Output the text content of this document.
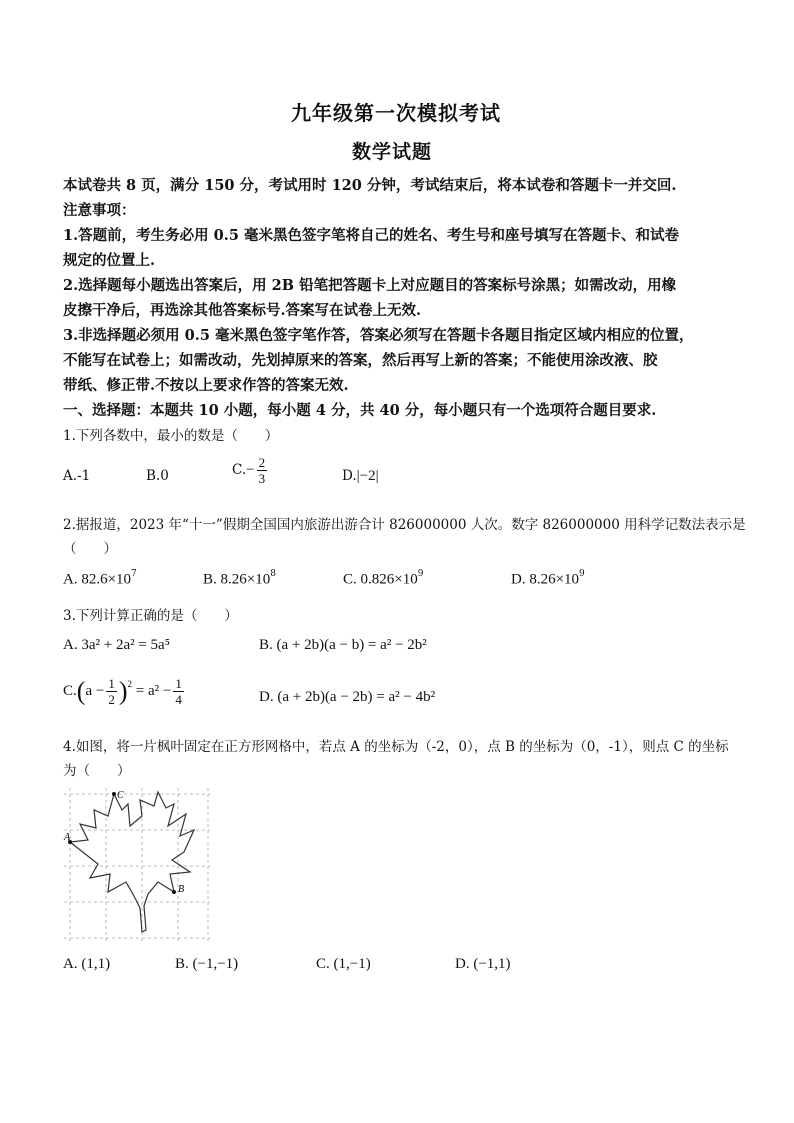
九年级第一次模拟考试
数学试题
本试卷共 8 页，满分 150 分，考试用时 120 分钟，考试结束后，将本试卷和答题卡一并交回.
注意事项：
1.答题前，考生务必用 0.5 毫米黑色签字笔将自己的姓名、考生号和座号填写在答题卡、和试卷
规定的位置上.
2.选择题每小题选出答案后，用 2B 铅笔把答题卡上对应题目的答案标号涂黑；如需改动，用橡
皮擦干净后，再选涂其他答案标号.答案写在试卷上无效.
3.非选择题必须用 0.5 毫米黑色签字笔作答，答案必须写在答题卡各题目指定区域内相应的位置，
不能写在试卷上；如需改动，先划掉原来的答案，然后再写上新的答案；不能使用涂改液、胶
带纸、修正带.不按以上要求作答的答案无效.
一、选择题：本题共 10 小题，每小题 4 分，共 40 分，每小题只有一个选项符合题目要求.
1.下列各数中，最小的数是（　　）
A.-1	B.0	$C.- \frac{2}{3}$	D.|−2|
2.据报道，2023 年“十一”假期全国国内旅游出游合计 826000000 人次。数字 826000000 用科学记数法表示是
（　　）
A. $82.6\times 10^7$	B. $8.26\times 10^8$	C. $0.826\times 10^9$	D. $8.26\times 10^9$
3.下列计算正确的是（　　）
A. 3a² + 2a² = 5a⁵	B. (a + 2b)(a − b) = a² − 2b²
$C.(a - \frac{1}{2} )^2 = a^2 - \frac{1}{4}$	D. (a + 2b)(a − 2b) = a² − 4b²
4.如图，将一片枫叶固定在正方形网格中，若点 A 的坐标为（-2，0），点 B 的坐标为（0，-1），则点 C 的坐标
为（　　）
A
B
C
A. (1,1)	B. (−1,−1)	C. (1,−1)	D. (−1,1)
